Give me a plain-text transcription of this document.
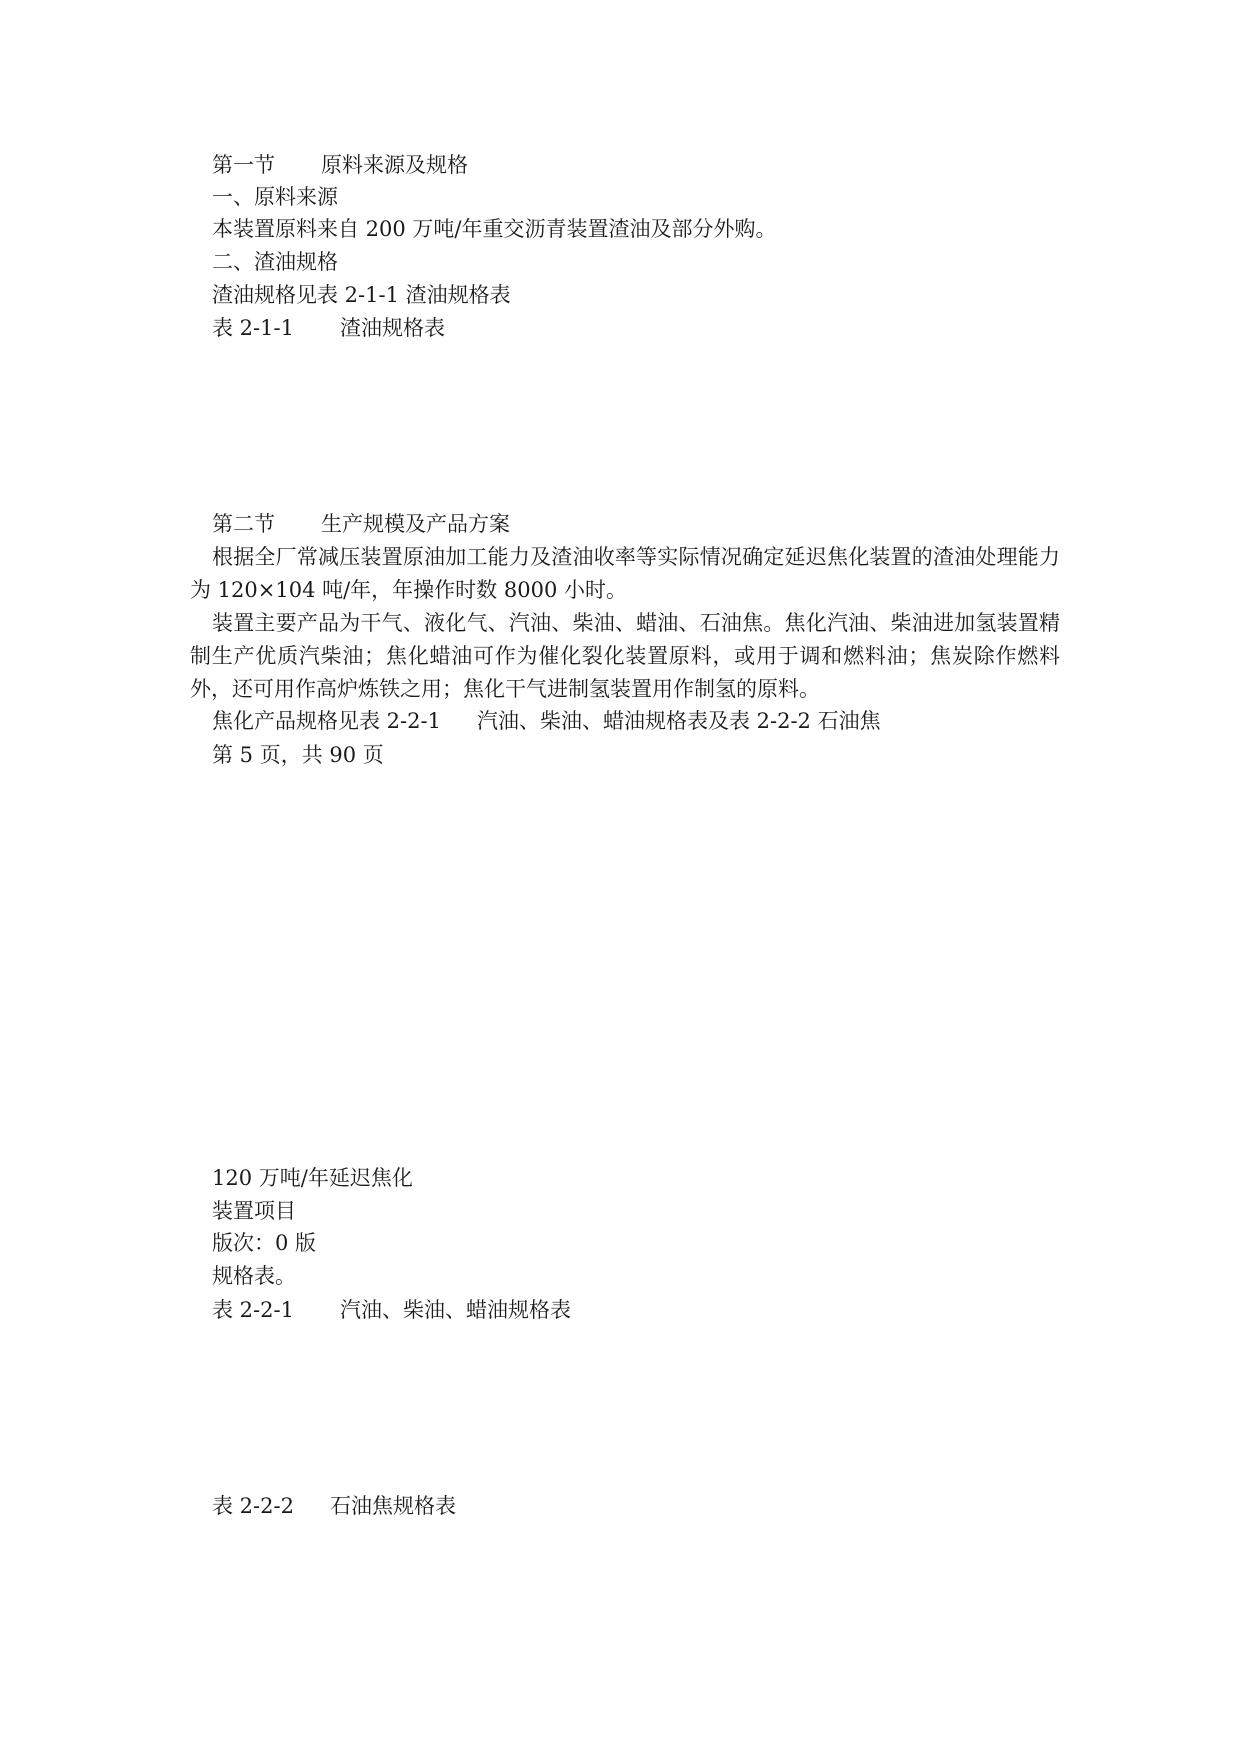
第一节 原料来源及规格
一、原料来源
本装置原料来自 200 万吨/年重交沥青装置渣油及部分外购。
二、渣油规格
渣油规格见表 2-1-1 渣油规格表
表 2-1-1 渣油规格表
第二节 生产规模及产品方案
根据全厂常减压装置原油加工能力及渣油收率等实际情况确定延迟焦化装置的渣油处理能力为 120×104 吨/年，年操作时数 8000 小时。
装置主要产品为干气、液化气、汽油、柴油、蜡油、石油焦。焦化汽油、柴油进加氢装置精制生产优质汽柴油；焦化蜡油可作为催化裂化装置原料，或用于调和燃料油；焦炭除作燃料外，还可用作高炉炼铁之用；焦化干气进制氢装置用作制氢的原料。
焦化产品规格见表 2-2-1 汽油、柴油、蜡油规格表及表 2-2-2 石油焦
第 5 页，共 90 页
120 万吨/年延迟焦化
装置项目
版次：0 版
规格表。
表 2-2-1 汽油、柴油、蜡油规格表
表 2-2-2 石油焦规格表
